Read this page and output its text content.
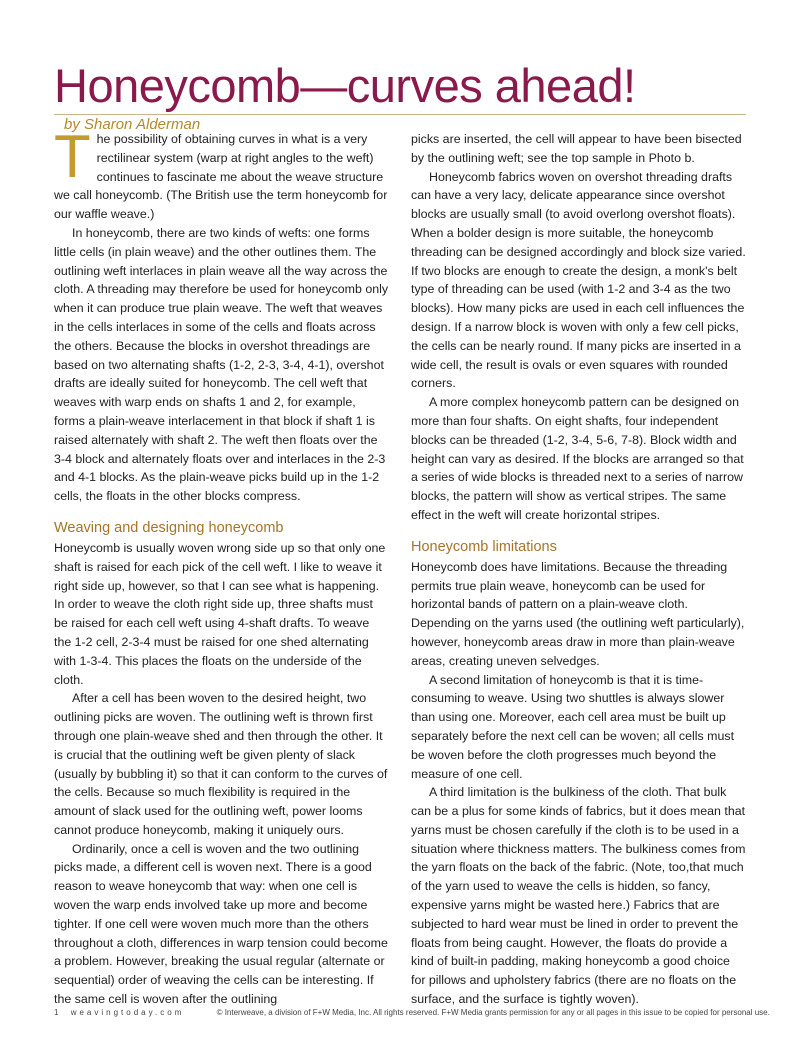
Honeycomb—curves ahead! by Sharon Alderman

The possibility of obtaining curves in what is a very rectilinear system (warp at right angles to the weft) continues to fascinate me about the weave structure we call honeycomb. (The British use the term honeycomb for our waffle weave.)

In honeycomb, there are two kinds of wefts: one forms little cells (in plain weave) and the other outlines them. The outlining weft interlaces in plain weave all the way across the cloth. A threading may therefore be used for honeycomb only when it can produce true plain weave. The weft that weaves in the cells interlaces in some of the cells and floats across the others. Because the blocks in overshot threadings are based on two alternating shafts (1-2, 2-3, 3-4, 4-1), overshot drafts are ideally suited for honeycomb. The cell weft that weaves with warp ends on shafts 1 and 2, for example, forms a plain-weave interlacement in that block if shaft 1 is raised alternately with shaft 2. The weft then floats over the 3-4 block and alternately floats over and interlaces in the 2-3 and 4-1 blocks. As the plain-weave picks build up in the 1-2 cells, the floats in the other blocks compress.

Weaving and designing honeycomb

Honeycomb is usually woven wrong side up so that only one shaft is raised for each pick of the cell weft. I like to weave it right side up, however, so that I can see what is happening. In order to weave the cloth right side up, three shafts must be raised for each cell weft using 4-shaft drafts. To weave the 1-2 cell, 2-3-4 must be raised for one shed alternating with 1-3-4. This places the floats on the underside of the cloth.

After a cell has been woven to the desired height, two outlining picks are woven. The outlining weft is thrown first through one plain-weave shed and then through the other. It is crucial that the outlining weft be given plenty of slack (usually by bubbling it) so that it can conform to the curves of the cells. Because so much flexibility is required in the amount of slack used for the outlining weft, power looms cannot produce honeycomb, making it uniquely ours.

Ordinarily, once a cell is woven and the two outlining picks made, a different cell is woven next. There is a good reason to weave honeycomb that way: when one cell is woven the warp ends involved take up more and become tighter. If one cell were woven much more than the others throughout a cloth, differences in warp tension could become a problem. However, breaking the usual regular (alternate or sequential) order of weaving the cells can be interesting. If the same cell is woven after the outlining

picks are inserted, the cell will appear to have been bisected by the outlining weft; see the top sample in Photo b.

Honeycomb fabrics woven on overshot threading drafts can have a very lacy, delicate appearance since overshot blocks are usually small (to avoid overlong overshot floats). When a bolder design is more suitable, the honeycomb threading can be designed accordingly and block size varied. If two blocks are enough to create the design, a monk's belt type of threading can be used (with 1-2 and 3-4 as the two blocks). How many picks are used in each cell influences the design. If a narrow block is woven with only a few cell picks, the cells can be nearly round. If many picks are inserted in a wide cell, the result is ovals or even squares with rounded corners.

A more complex honeycomb pattern can be designed on more than four shafts. On eight shafts, four independent blocks can be threaded (1-2, 3-4, 5-6, 7-8). Block width and height can vary as desired. If the blocks are arranged so that a series of wide blocks is threaded next to a series of narrow blocks, the pattern will show as vertical stripes. The same effect in the weft will create horizontal stripes.

Honeycomb limitations

Honeycomb does have limitations. Because the threading permits true plain weave, honeycomb can be used for horizontal bands of pattern on a plain-weave cloth. Depending on the yarns used (the outlining weft particularly), however, honeycomb areas draw in more than plain-weave areas, creating uneven selvedges.

A second limitation of honeycomb is that it is time-consuming to weave. Using two shuttles is always slower than using one. Moreover, each cell area must be built up separately before the next cell can be woven; all cells must be woven before the cloth progresses much beyond the measure of one cell.

A third limitation is the bulkiness of the cloth. That bulk can be a plus for some kinds of fabrics, but it does mean that yarns must be chosen carefully if the cloth is to be used in a situation where thickness matters. The bulkiness comes from the yarn floats on the back of the fabric. (Note, too,that much of the yarn used to weave the cells is hidden, so fancy, expensive yarns might be wasted here.) Fabrics that are subjected to hard wear must be lined in order to prevent the floats from being caught. However, the floats do provide a kind of built-in padding, making honeycomb a good choice for pillows and upholstery fabrics (there are no floats on the surface, and the surface is tightly woven).

1 weavingtoday.com	© Interweave, a division of F+W Media, Inc. All rights reserved. F+W Media grants permission for any or all pages in this issue to be copied for personal use.
